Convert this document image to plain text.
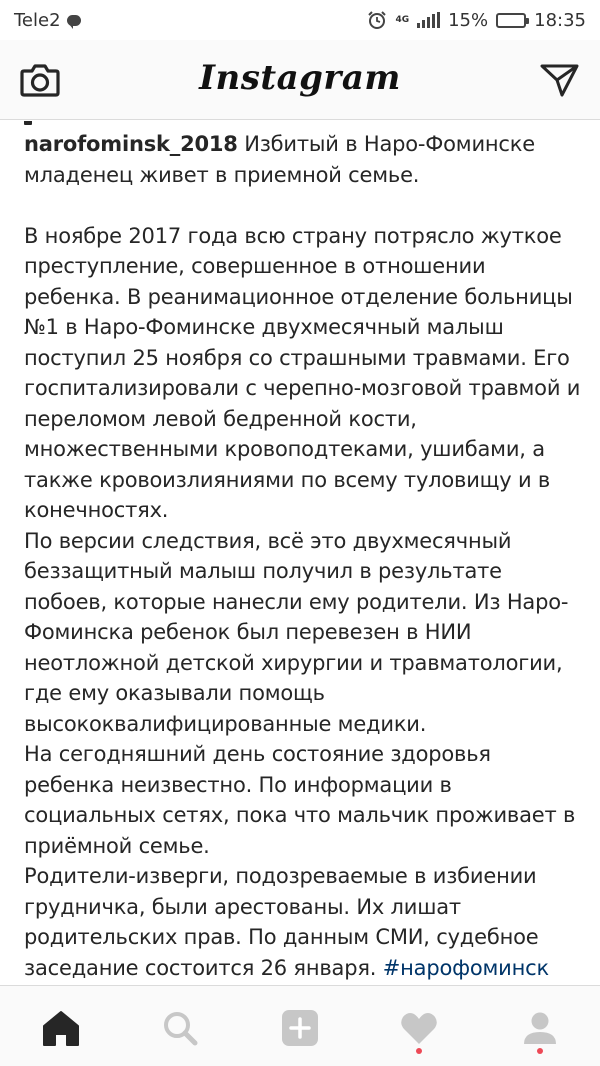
Tele2	4G 15%	18:35
Instagram
narofominsk_2018 Избитый в Наро-Фоминске младенец живет в приемной семье.

В ноябре 2017 года всю страну потрясло жуткое преступление, совершенное в отношении ребенка. В реанимационное отделение больницы №1 в Наро-Фоминске двухмесячный малыш поступил 25 ноября со страшными травмами. Его госпитализировали с черепно-мозговой травмой и переломом левой бедренной кости, множественными кровоподтеками, ушибами, а также кровоизлияниями по всему туловищу и в конечностях.
По версии следствия, всё это двухмесячный беззащитный малыш получил в результате побоев, которые нанесли ему родители. Из Наро-Фоминска ребенок был перевезен в НИИ неотложной детской хирургии и травматологии, где ему оказывали помощь высококвалифицированные медики.
На сегодняшний день состояние здоровья ребенка неизвестно. По информации в социальных сетях, пока что мальчик проживает в приёмной семье.
Родители-изверги, подозреваемые в избиении грудничка, были арестованы. Их лишат родительских прав. По данным СМИ, судебное заседание состоится 26 января. #нарофоминск
